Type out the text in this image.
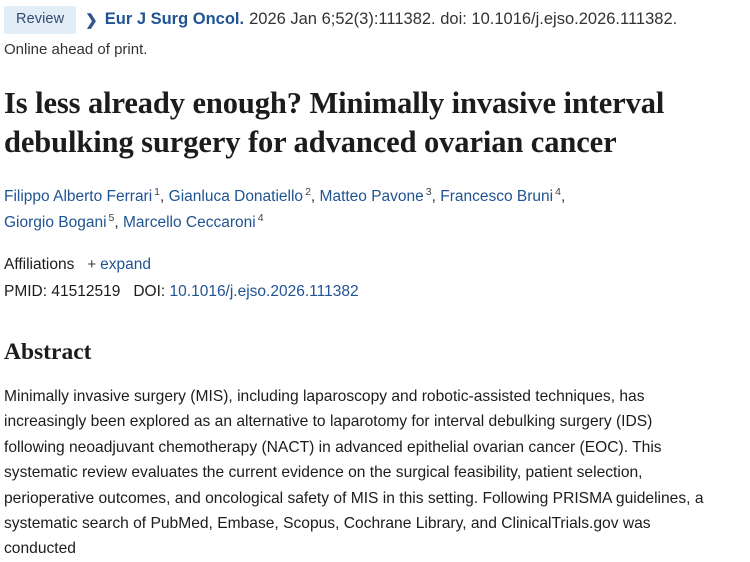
Review	❯ Eur J Surg Oncol. 2026 Jan 6;52(3):111382. doi: 10.1016/j.ejso.2026.111382.
Online ahead of print.
Is less already enough? Minimally invasive interval debulking surgery for advanced ovarian cancer
Filippo Alberto Ferrari $^1$, Gianluca Donatiello $^2$, Matteo Pavone $^3$, Francesco Bruni $^4$,
Giorgio Bogani $^5$, Marcello Ceccaroni $^4$
Affiliations + expand
PMID: 41512519 DOI: 10.1016/j.ejso.2026.111382
Abstract

Minimally invasive surgery (MIS), including laparoscopy and robotic-assisted techniques, has increasingly been explored as an alternative to laparotomy for interval debulking surgery (IDS) following neoadjuvant chemotherapy (NACT) in advanced epithelial ovarian cancer (EOC). This systematic review evaluates the current evidence on the surgical feasibility, patient selection, perioperative outcomes, and oncological safety of MIS in this setting. Following PRISMA guidelines, a systematic search of PubMed, Embase, Scopus, Cochrane Library, and ClinicalTrials.gov was conducted
